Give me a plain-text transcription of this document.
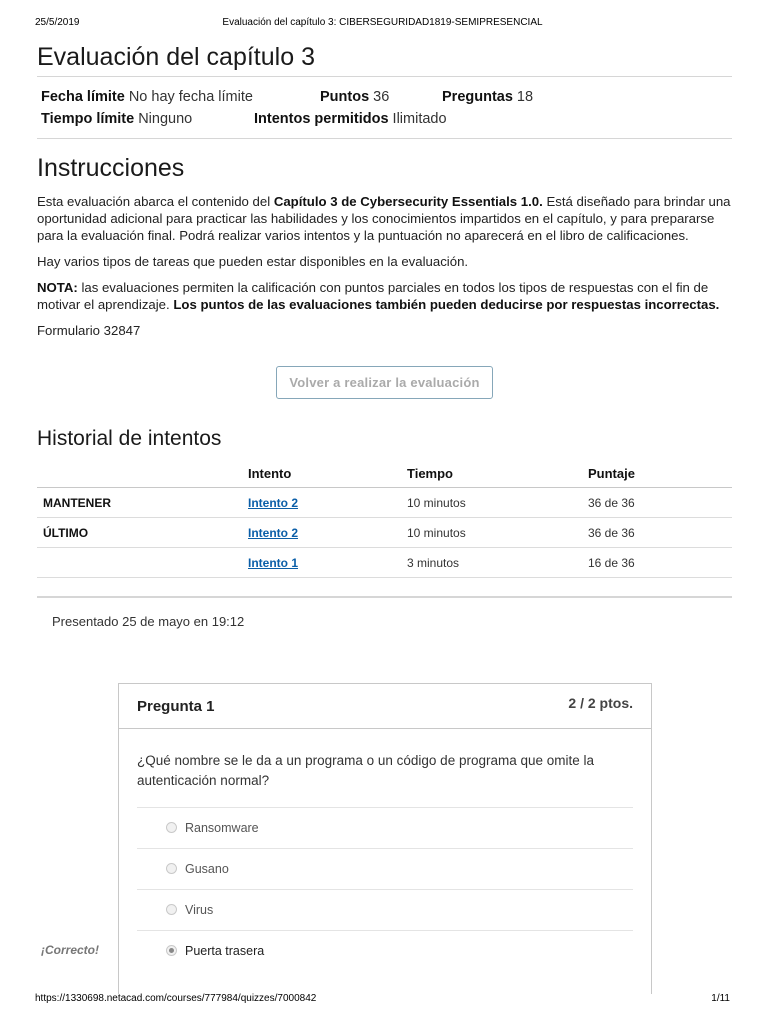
25/5/2019	Evaluación del capítulo 3: CIBERSEGURIDAD1819-SEMIPRESENCIAL
Evaluación del capítulo 3
Fecha límite No hay fecha límite	Puntos 36	Preguntas 18
Tiempo límite Ninguno	Intentos permitidos Ilimitado
Instrucciones

Esta evaluación abarca el contenido del Capítulo 3 de Cybersecurity Essentials 1.0. Está diseñado para brindar una oportunidad adicional para practicar las habilidades y los conocimientos impartidos en el capítulo, y para prepararse para la evaluación final. Podrá realizar varios intentos y la puntuación no aparecerá en el libro de calificaciones.

Hay varios tipos de tareas que pueden estar disponibles en la evaluación.

NOTA: las evaluaciones permiten la calificación con puntos parciales en todos los tipos de respuestas con el fin de motivar el aprendizaje. Los puntos de las evaluaciones también pueden deducirse por respuestas incorrectas.

Formulario 32847

Volver a realizar la evaluación
Historial de intentos
	Intento	Tiempo	Puntaje
MANTENER	Intento 2	10 minutos	36 de 36
ÚLTIMO	Intento 2	10 minutos	36 de 36
	Intento 1	3 minutos	16 de 36
Presentado 25 de mayo en 19:12
Pregunta 1	2 / 2 ptos.
¿Qué nombre se le da a un programa o un código de programa que omite la autenticación normal?
Ransomware
Gusano
Virus
Puerta trasera
¡Correcto!
https://1330698.netacad.com/courses/777984/quizzes/7000842	1/11
